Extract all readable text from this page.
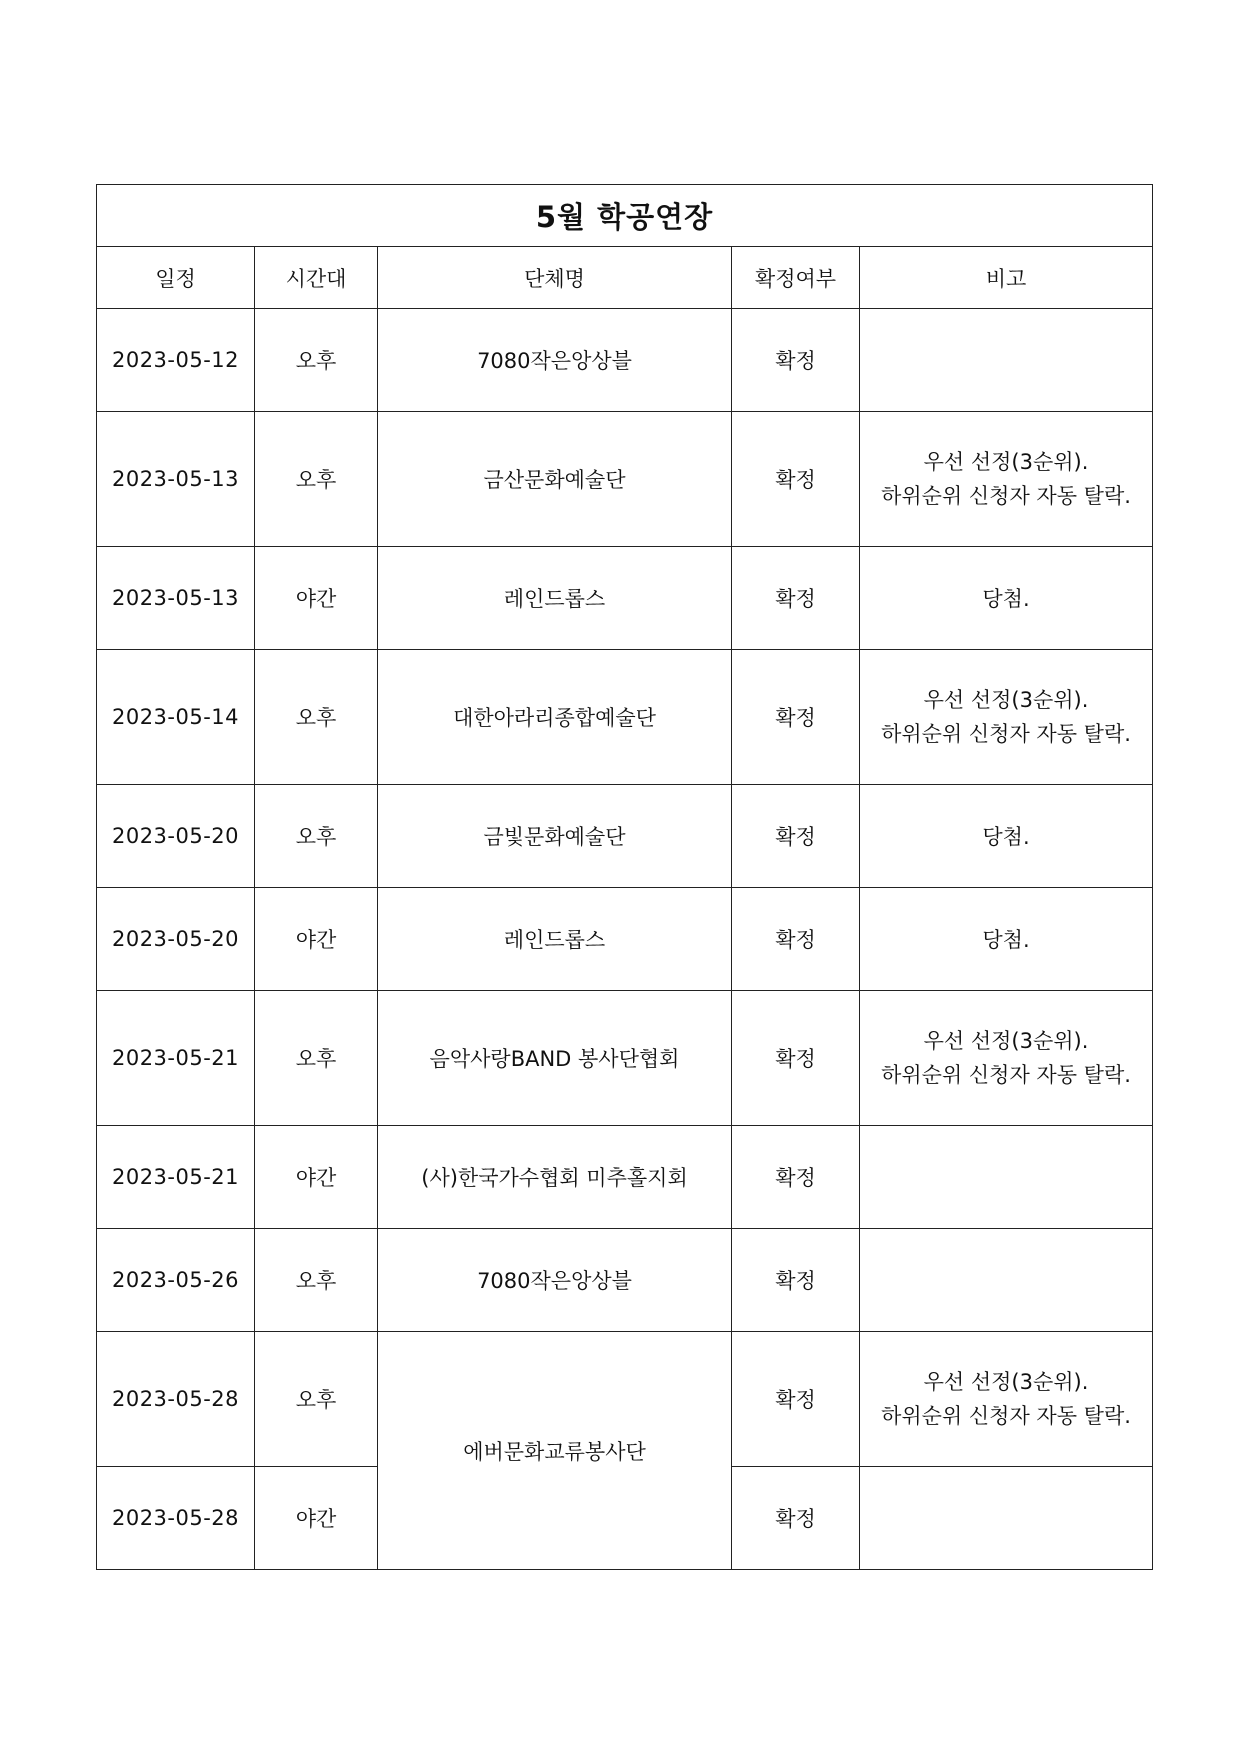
5월 학공연장				
일정	시간대	단체명	확정여부	비고
2023-05-12	오후	7080작은앙상블	확정	
2023-05-13	오후	금산문화예술단	확정	우선 선정(3순위).
하위순위 신청자 자동 탈락.

2023-05-13	야간	레인드롭스	확정	당첨.
2023-05-14	오후	대한아라리종합예술단	확정	우선 선정(3순위).
하위순위 신청자 자동 탈락.

2023-05-20	오후	금빛문화예술단	확정	당첨.
2023-05-20	야간	레인드롭스	확정	당첨.
2023-05-21	오후	음악사랑BAND 봉사단협회	확정	우선 선정(3순위).
하위순위 신청자 자동 탈락.

2023-05-21	야간	(사)한국가수협회 미추홀지회	확정	
2023-05-26	오후	7080작은앙상블	확정	
2023-05-28	오후	에버문화교류봉사단	확정	우선 선정(3순위).
하위순위 신청자 자동 탈락.

2023-05-28	야간		확정	
